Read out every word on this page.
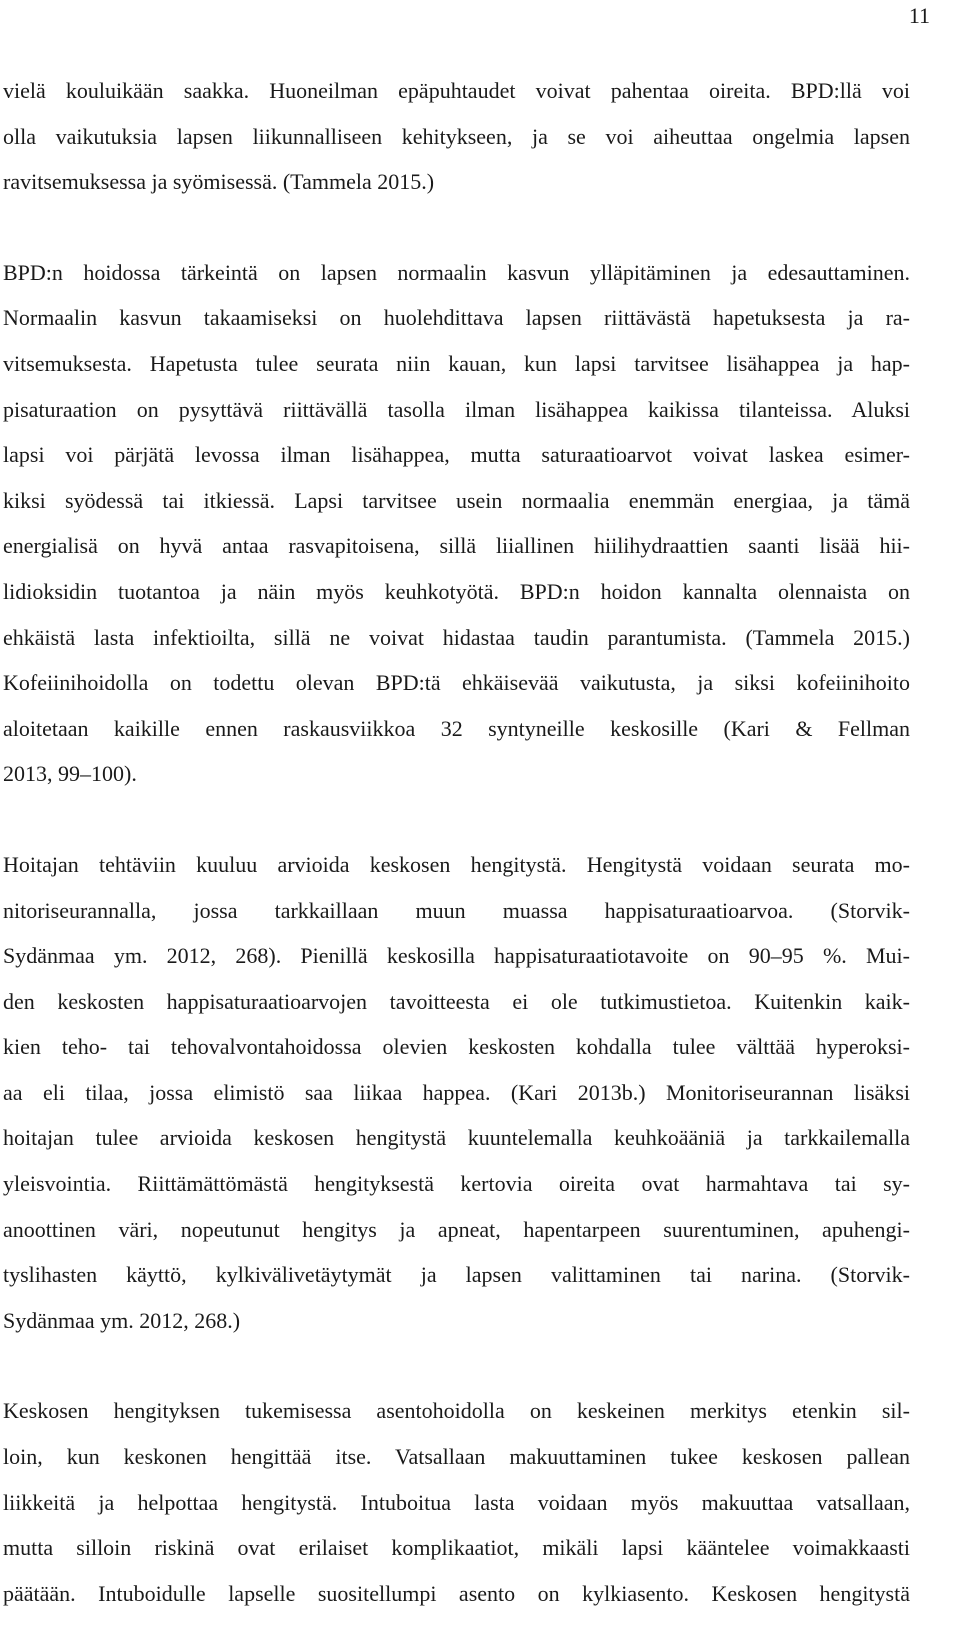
11
vielä kouluikään saakka. Huoneilman epäpuhtaudet voivat pahentaa oireita. BPD:llä voi
olla vaikutuksia lapsen liikunnalliseen kehitykseen, ja se voi aiheuttaa ongelmia lapsen
ravitsemuksessa ja syömisessä. (Tammela 2015.)
BPD:n hoidossa tärkeintä on lapsen normaalin kasvun ylläpitäminen ja edesauttaminen.
Normaalin kasvun takaamiseksi on huolehdittava lapsen riittävästä hapetuksesta ja ra-
vitsemuksesta. Hapetusta tulee seurata niin kauan, kun lapsi tarvitsee lisähappea ja hap-
pisaturaation on pysyttävä riittävällä tasolla ilman lisähappea kaikissa tilanteissa. Aluksi
lapsi voi pärjätä levossa ilman lisähappea, mutta saturaatioarvot voivat laskea esimer-
kiksi syödessä tai itkiessä. Lapsi tarvitsee usein normaalia enemmän energiaa, ja tämä
energialisä on hyvä antaa rasvapitoisena, sillä liiallinen hiilihydraattien saanti lisää hii-
lidioksidin tuotantoa ja näin myös keuhkotyötä. BPD:n hoidon kannalta olennaista on
ehkäistä lasta infektioilta, sillä ne voivat hidastaa taudin parantumista. (Tammela 2015.)
Kofeiinihoidolla on todettu olevan BPD:tä ehkäisevää vaikutusta, ja siksi kofeiinihoito
aloitetaan kaikille ennen raskausviikkoa 32 syntyneille keskosille (Kari & Fellman
2013, 99–100).
Hoitajan tehtäviin kuuluu arvioida keskosen hengitystä. Hengitystä voidaan seurata mo-
nitoriseurannalla, jossa tarkkaillaan muun muassa happisaturaatioarvoa. (Storvik-
Sydänmaa ym. 2012, 268). Pienillä keskosilla happisaturaatiotavoite on 90–95 %. Mui-
den keskosten happisaturaatioarvojen tavoitteesta ei ole tutkimustietoa. Kuitenkin kaik-
kien teho- tai tehovalvontahoidossa olevien keskosten kohdalla tulee välttää hyperoksi-
aa eli tilaa, jossa elimistö saa liikaa happea. (Kari 2013b.) Monitoriseurannan lisäksi
hoitajan tulee arvioida keskosen hengitystä kuuntelemalla keuhkoääniä ja tarkkailemalla
yleisvointia. Riittämättömästä hengityksestä kertovia oireita ovat harmahtava tai sy-
anoottinen väri, nopeutunut hengitys ja apneat, hapentarpeen suurentuminen, apuhengi-
tyslihasten käyttö, kylkivälivetäytymät ja lapsen valittaminen tai narina. (Storvik-
Sydänmaa ym. 2012, 268.)
Keskosen hengityksen tukemisessa asentohoidolla on keskeinen merkitys etenkin sil-
loin, kun keskonen hengittää itse. Vatsallaan makuuttaminen tukee keskosen pallean
liikkeitä ja helpottaa hengitystä. Intuboitua lasta voidaan myös makuuttaa vatsallaan,
mutta silloin riskinä ovat erilaiset komplikaatiot, mikäli lapsi kääntelee voimakkaasti
päätään. Intuboidulle lapselle suositellumpi asento on kylkiasento. Keskosen hengitystä
